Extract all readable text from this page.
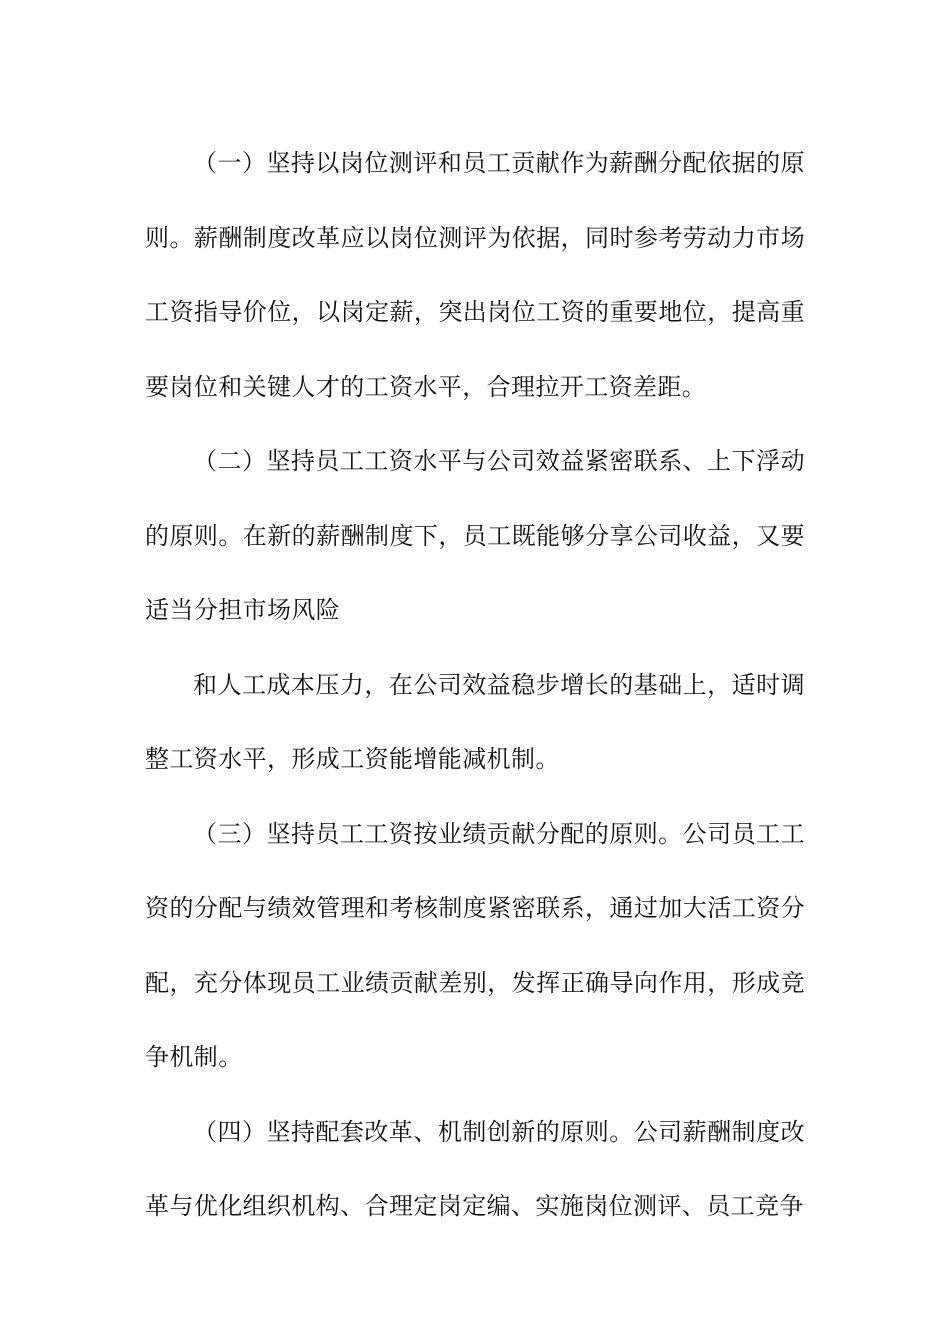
（一）坚持以岗位测评和员工贡献作为薪酬分配依据的原则。薪酬制度改革应以岗位测评为依据，同时参考劳动力市场工资指导价位，以岗定薪，突出岗位工资的重要地位，提高重要岗位和关键人才的工资水平，合理拉开工资差距。

（二）坚持员工工资水平与公司效益紧密联系、上下浮动的原则。在新的薪酬制度下，员工既能够分享公司收益，又要适当分担市场风险

和人工成本压力，在公司效益稳步增长的基础上，适时调整工资水平，形成工资能增能减机制。

（三）坚持员工工资按业绩贡献分配的原则。公司员工工资的分配与绩效管理和考核制度紧密联系，通过加大活工资分配，充分体现员工业绩贡献差别，发挥正确导向作用，形成竞争机制。

（四）坚持配套改革、机制创新的原则。公司薪酬制度改革与优化组织机构、合理定岗定编、实施岗位测评、员工竞争
